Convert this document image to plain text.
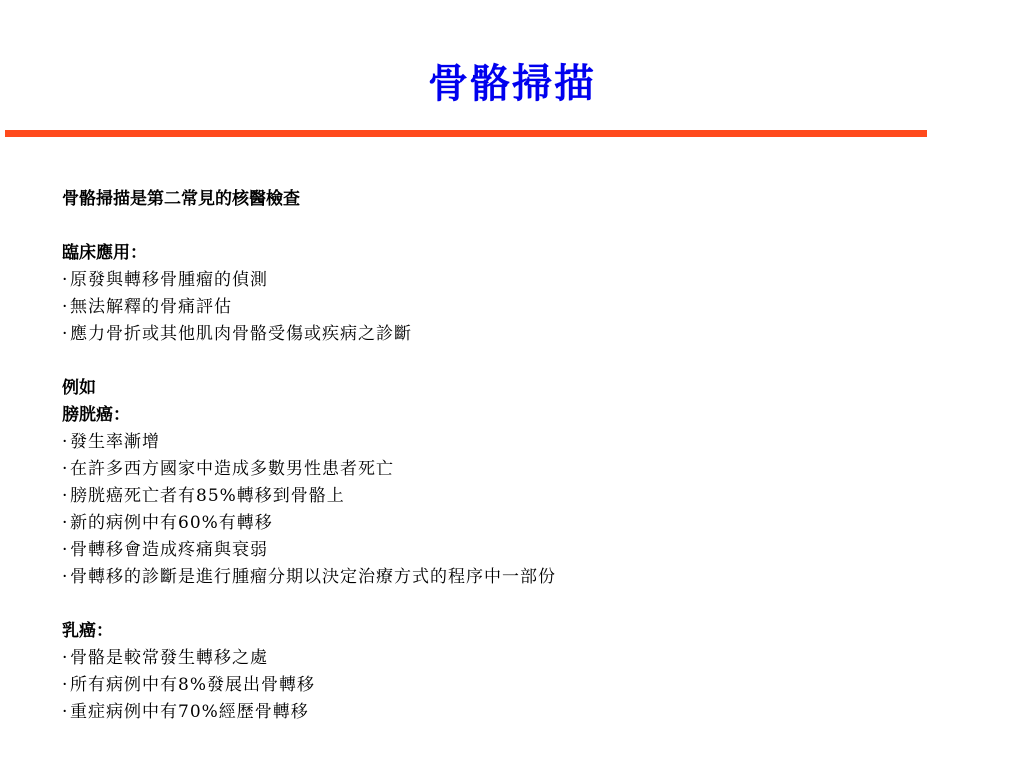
骨骼掃描
骨骼掃描是第二常見的核醫檢查
臨床應用：
· 原發與轉移骨腫瘤的偵測
· 無法解釋的骨痛評估
· 應力骨折或其他肌肉骨骼受傷或疾病之診斷
例如
膀胱癌：
· 發生率漸增
· 在許多西方國家中造成多數男性患者死亡
· 膀胱癌死亡者有85%轉移到骨骼上
· 新的病例中有60%有轉移
· 骨轉移會造成疼痛與衰弱
· 骨轉移的診斷是進行腫瘤分期以決定治療方式的程序中一部份
乳癌：
· 骨骼是較常發生轉移之處
· 所有病例中有8%發展出骨轉移
· 重症病例中有70%經歷骨轉移
